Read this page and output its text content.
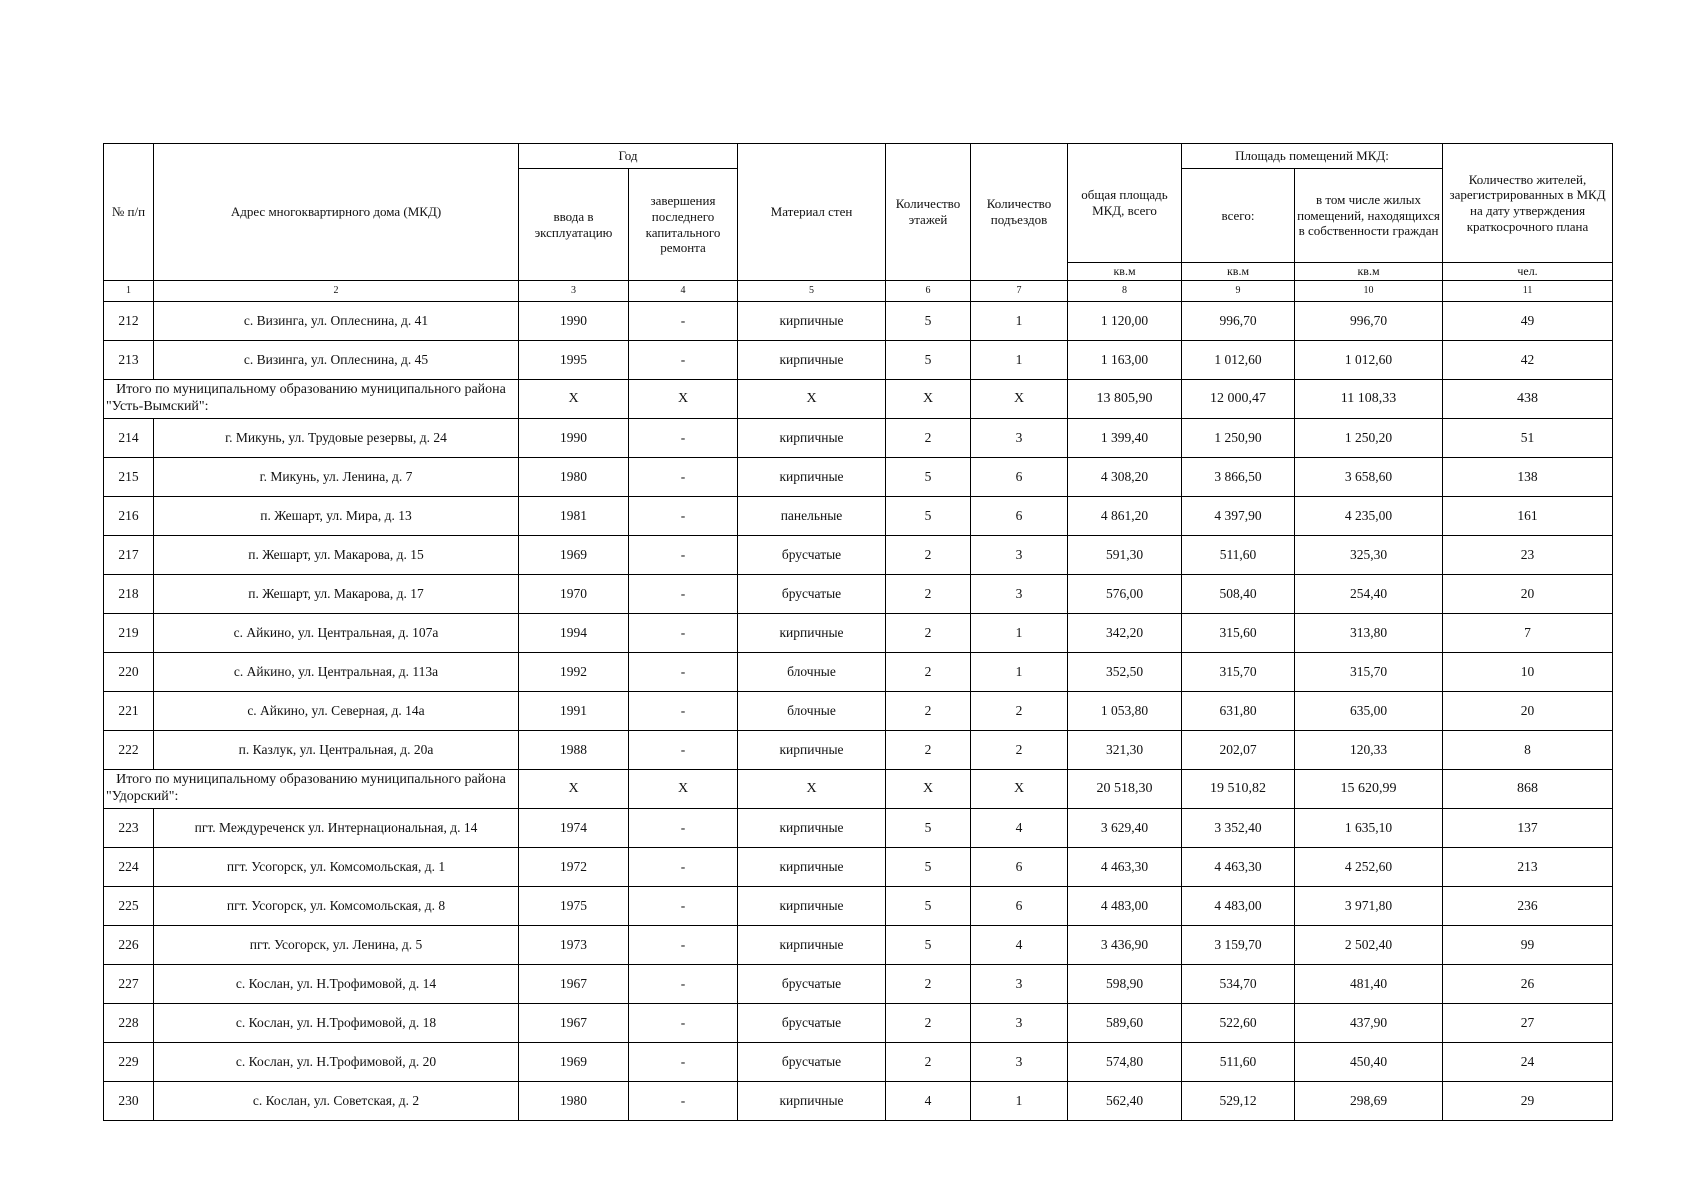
№ п/п	Адрес многоквартирного дома (МКД)	Год		Материал стен	Количество этажей	Количество подъездов	общая площадь МКД, всего	Площадь помещений МКД:		Количество жителей, зарегистрированных в МКД на дату утверждения краткосрочного плана
		ввода в эксплуатацию	завершения последнего капитального ремонта					всего:	в том числе жилых помещений, находящихся в собственности граждан	
							кв.м	кв.м	кв.м	чел.
1	2	3	4	5	6	7	8	9	10	11
212	с. Визинга, ул. Оплеснина, д. 41	1990	-	кирпичные	5	1	1 120,00	996,70	996,70	49
213	с. Визинга, ул. Оплеснина, д. 45	1995	-	кирпичные	5	1	1 163,00	1 012,60	1 012,60	42
Итого по муниципальному образованию муниципального района "Усть-Вымский":		X	X	X	X	X	13 805,90	12 000,47	11 108,33	438
214	г. Микунь, ул. Трудовые резервы, д. 24	1990	-	кирпичные	2	3	1 399,40	1 250,90	1 250,20	51
215	г. Микунь, ул. Ленина, д. 7	1980	-	кирпичные	5	6	4 308,20	3 866,50	3 658,60	138
216	п. Жешарт, ул. Мира, д. 13	1981	-	панельные	5	6	4 861,20	4 397,90	4 235,00	161
217	п. Жешарт, ул. Макарова, д. 15	1969	-	брусчатые	2	3	591,30	511,60	325,30	23
218	п. Жешарт, ул. Макарова, д. 17	1970	-	брусчатые	2	3	576,00	508,40	254,40	20
219	с. Айкино, ул. Центральная, д. 107а	1994	-	кирпичные	2	1	342,20	315,60	313,80	7
220	с. Айкино, ул. Центральная, д. 113а	1992	-	блочные	2	1	352,50	315,70	315,70	10
221	с. Айкино, ул. Северная, д. 14а	1991	-	блочные	2	2	1 053,80	631,80	635,00	20
222	п. Казлук, ул. Центральная, д. 20а	1988	-	кирпичные	2	2	321,30	202,07	120,33	8
Итого по муниципальному образованию муниципального района "Удорский":		X	X	X	X	X	20 518,30	19 510,82	15 620,99	868
223	пгт. Междуреченск ул. Интернациональная, д. 14	1974	-	кирпичные	5	4	3 629,40	3 352,40	1 635,10	137
224	пгт. Усогорск, ул. Комсомольская, д. 1	1972	-	кирпичные	5	6	4 463,30	4 463,30	4 252,60	213
225	пгт. Усогорск, ул. Комсомольская, д. 8	1975	-	кирпичные	5	6	4 483,00	4 483,00	3 971,80	236
226	пгт. Усогорск, ул. Ленина, д. 5	1973	-	кирпичные	5	4	3 436,90	3 159,70	2 502,40	99
227	с. Кослан, ул. Н.Трофимовой, д. 14	1967	-	брусчатые	2	3	598,90	534,70	481,40	26
228	с. Кослан, ул. Н.Трофимовой, д. 18	1967	-	брусчатые	2	3	589,60	522,60	437,90	27
229	с. Кослан, ул. Н.Трофимовой, д. 20	1969	-	брусчатые	2	3	574,80	511,60	450,40	24
230	с. Кослан, ул. Советская, д. 2	1980	-	кирпичные	4	1	562,40	529,12	298,69	29
